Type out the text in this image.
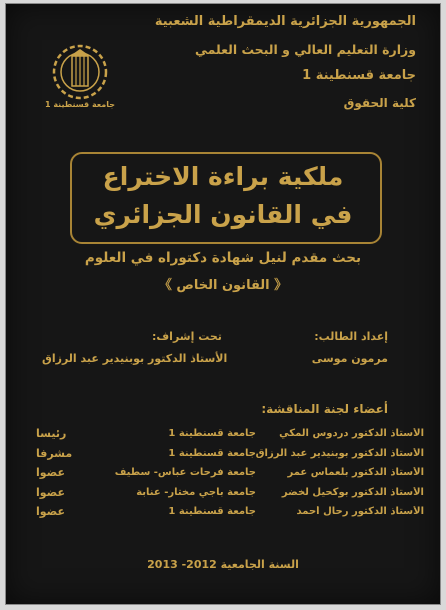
الجمهورية الجزائرية الديمقراطية الشعبية
وزارة التعليم العالي و البحث العلمي
جامعة قسنطينة 1
كلية الحقوق
جامعة قسنطينة 1
ملكية براءة الاختراع
في القانون الجزائري
بحث مقدم لنيل شهادة دكتوراه في العلوم
《 القانون الخاص 》
إعداد الطالب:
مرمون موسى
تحت إشراف:
الأستاذ الدكتور بوبنيدير عبد الرزاق
أعضاء لجنة المناقشة:
الأستاذ الدكتور دردوس المكي
جامعة قسنطينة 1
رئيسا
الأستاذ الدكتور بوبنيدير عبد الرزاق
جامعة قسنطينة 1
مشرفا
الأستاذ الدكتور بلعماس عمر
جامعة فرحات عباس- سطيف
عضوا
الأستاذ الدكتور بوكحيل لخضر
جامعة باجي مختار- عنابة
عضوا
الأستاذ الدكتور رحال أحمد
جامعة قسنطينة 1
عضوا
السنة الجامعية 2012- 2013
